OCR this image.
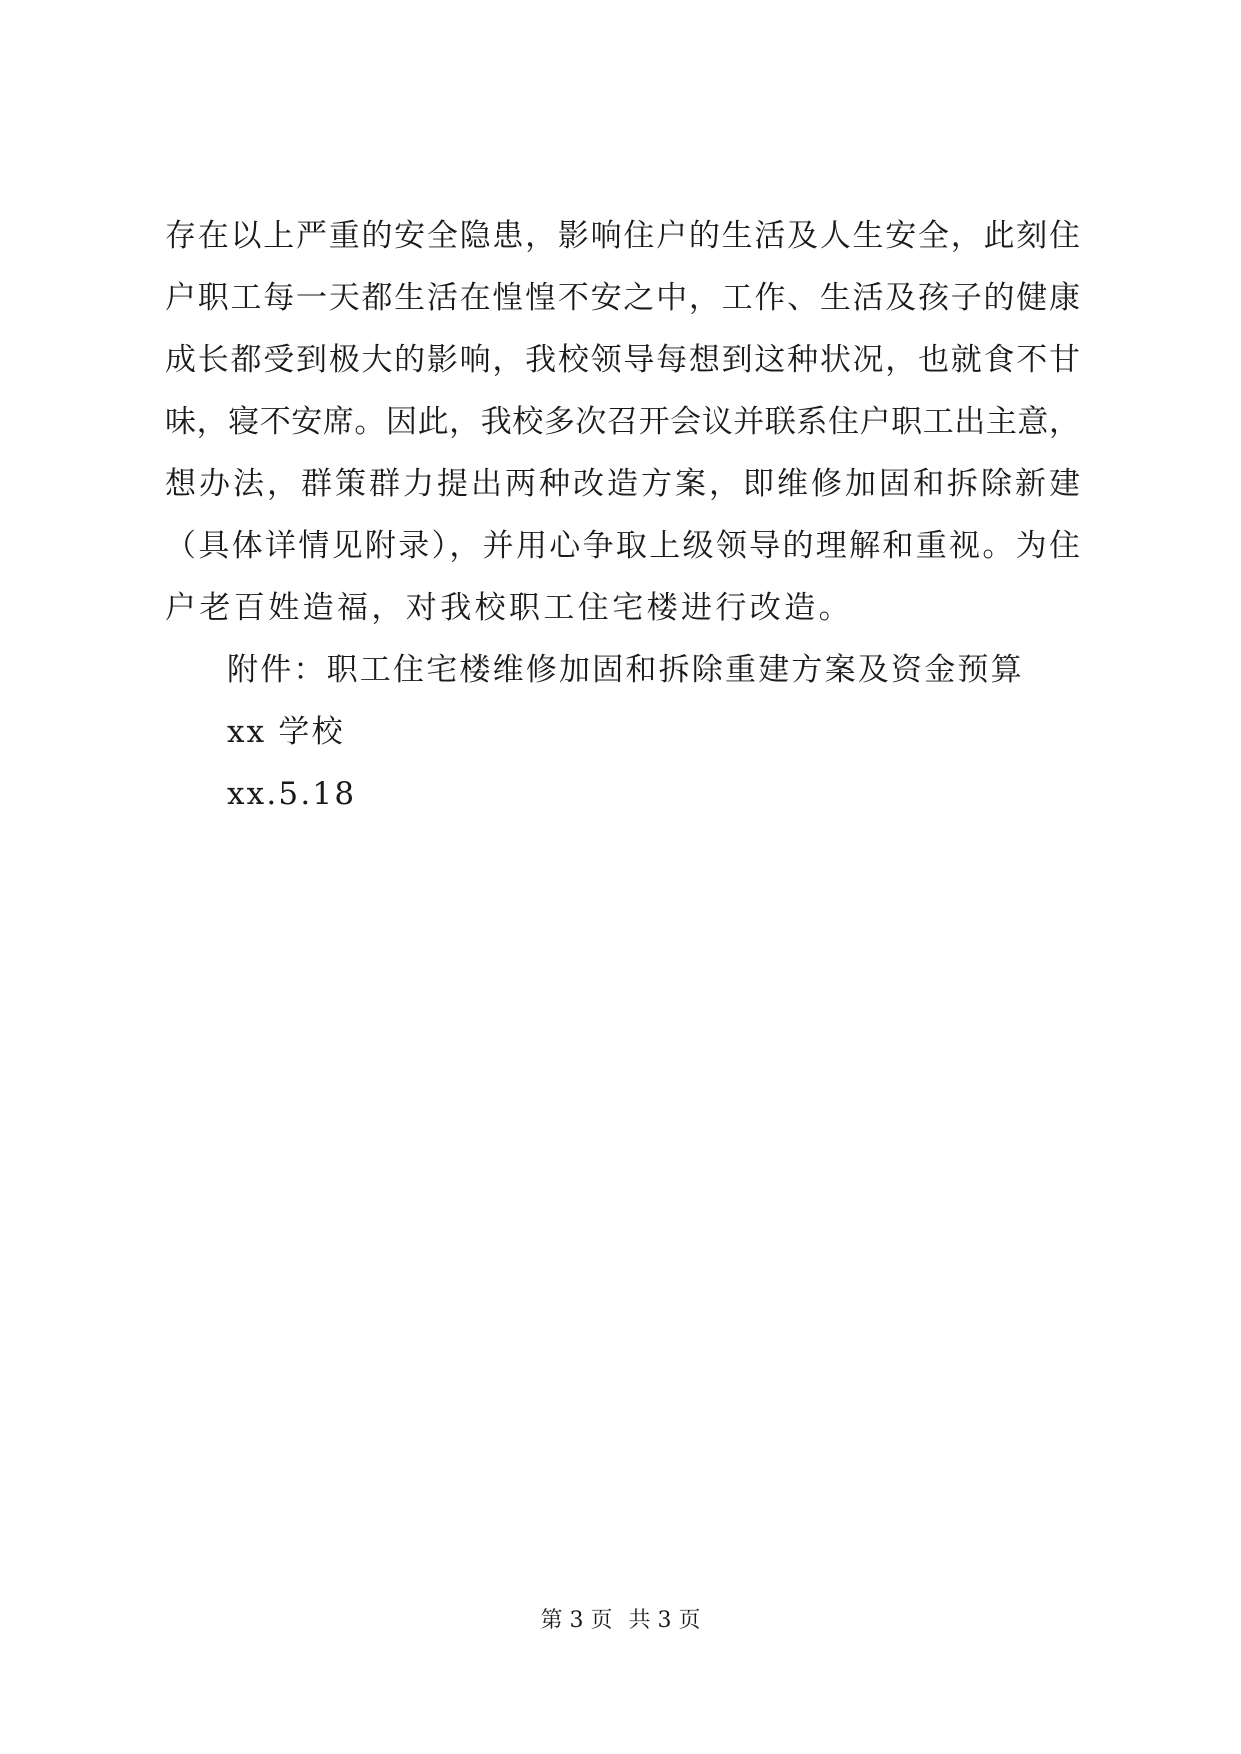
存在以上严重的安全隐患，影响住户的生活及人生安全，此刻住
户职工每一天都生活在惶惶不安之中，工作、生活及孩子的健康
成长都受到极大的影响，我校领导每想到这种状况，也就食不甘
味，寝不安席。因此，我校多次召开会议并联系住户职工出主意，
想办法，群策群力提出两种改造方案，即维修加固和拆除新建
（具体详情见附录），并用心争取上级领导的理解和重视。为住
户老百姓造福，对我校职工住宅楼进行改造。
附件：职工住宅楼维修加固和拆除重建方案及资金预算
xx 学校
xx.5.18
第 3 页 共 3 页
